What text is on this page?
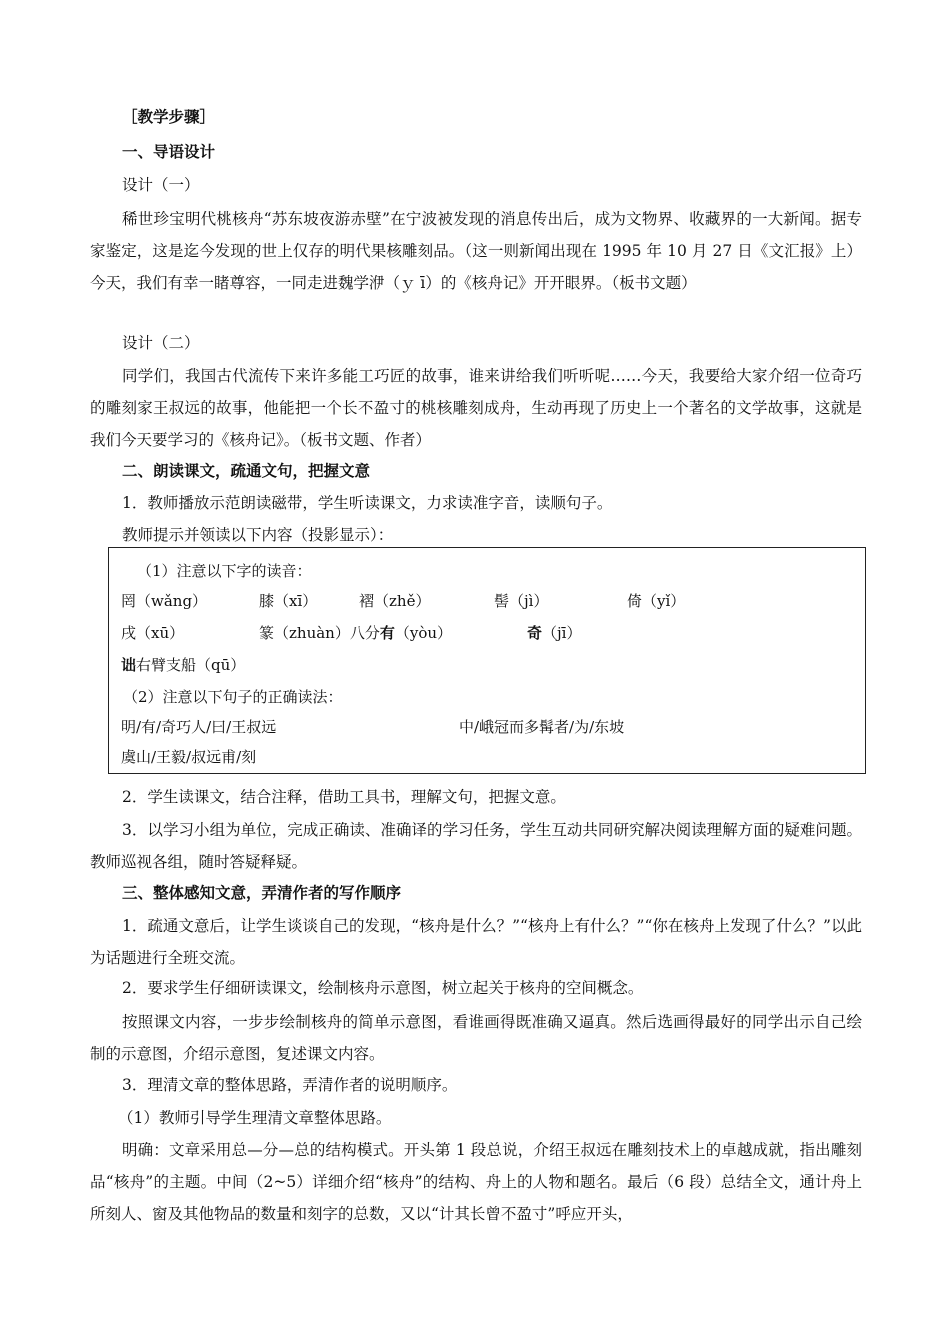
［教学步骤］
一、导语设计
设计（一）
稀世珍宝明代桃核舟“苏东坡夜游赤壁”在宁波被发现的消息传出后，成为文物界、收藏界的一大新闻。据专家鉴定，这是迄今发现的世上仅存的明代果核雕刻品。（这一则新闻出现在 1995 年 10 月 27 日《文汇报》上）今天，我们有幸一睹尊容，一同走进魏学洢（ｙ ī）的《核舟记》开开眼界。（板书文题）
设计（二）
同学们，我国古代流传下来许多能工巧匠的故事，谁来讲给我们听听呢……今天，我要给大家介绍一位奇巧的雕刻家王叔远的故事，他能把一个长不盈寸的桃核雕刻成舟，生动再现了历史上一个著名的文学故事，这就是我们今天要学习的《核舟记》。（板书文题、作者）
二、朗读课文，疏通文句，把握文意
1．教师播放示范朗读磁带，学生听读课文，力求读准字音，读顺句子。
教师提示并领读以下内容（投影显示）：
（1）注意以下字的读音：
罔（wǎng）	膝（xī）	褶（zhě）	髻（jì）	倚（yǐ）
戌（xū）	篆（zhuàn）八分有（yòu）	奇（jī）
诎右臂支船（qū）
（2）注意以下句子的正确读法：
明/有/奇巧人/曰/王叔远	中/峨冠而多髯者/为/东坡
虞山/王毅/叔远甫/刻
2．学生读课文，结合注释，借助工具书，理解文句，把握文意。
3．以学习小组为单位，完成正确读、准确译的学习任务，学生互动共同研究解决阅读理解方面的疑难问题。教师巡视各组，随时答疑释疑。
三、整体感知文意，弄清作者的写作顺序
1．疏通文意后，让学生谈谈自己的发现，“核舟是什么？”“核舟上有什么？”“你在核舟上发现了什么？”以此为话题进行全班交流。
2．要求学生仔细研读课文，绘制核舟示意图，树立起关于核舟的空间概念。
按照课文内容，一步步绘制核舟的简单示意图，看谁画得既准确又逼真。然后选画得最好的同学出示自己绘制的示意图，介绍示意图，复述课文内容。
3．理清文章的整体思路，弄清作者的说明顺序。
（1）教师引导学生理清文章整体思路。
明确：文章采用总—分—总的结构模式。开头第 1 段总说，介绍王叔远在雕刻技术上的卓越成就，指出雕刻品“核舟”的主题。中间（2~5）详细介绍“核舟”的结构、舟上的人物和题名。最后（6 段）总结全文，通计舟上所刻人、窗及其他物品的数量和刻字的总数，又以“计其长曾不盈寸”呼应开头，
